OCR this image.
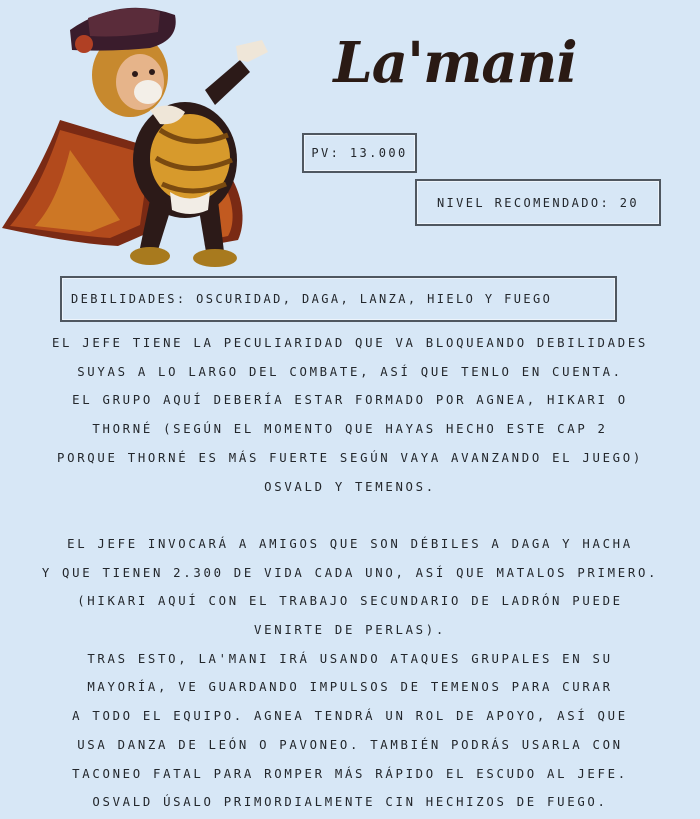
La'mani
PV: 13.000
NIVEL RECOMENDADO: 20
DEBILIDADES: OSCURIDAD, DAGA, LANZA, HIELO Y FUEGO
EL JEFE TIENE LA PECULIARIDAD QUE VA BLOQUEANDO DEBILIDADES
SUYAS A LO LARGO DEL COMBATE, ASÍ QUE TENLO EN CUENTA.
EL GRUPO AQUÍ DEBERÍA ESTAR FORMADO POR AGNEA, HIKARI O
THORNÉ (SEGÚN EL MOMENTO QUE HAYAS HECHO ESTE CAP 2
PORQUE THORNÉ ES MÁS FUERTE SEGÚN VAYA AVANZANDO EL JUEGO)
OSVALD Y TEMENOS.
EL JEFE INVOCARÁ A AMIGOS QUE SON DÉBILES A DAGA Y HACHA
Y QUE TIENEN 2.300 DE VIDA CADA UNO, ASÍ QUE MATALOS PRIMERO.
(HIKARI AQUÍ CON EL TRABAJO SECUNDARIO DE LADRÓN PUEDE
VENIRTE DE PERLAS).
TRAS ESTO, LA'MANI IRÁ USANDO ATAQUES GRUPALES EN SU
MAYORÍA, VE GUARDANDO IMPULSOS DE TEMENOS PARA CURAR
A TODO EL EQUIPO. AGNEA TENDRÁ UN ROL DE APOYO, ASÍ QUE
USA DANZA DE LEÓN O PAVONEO. TAMBIÉN PODRÁS USARLA CON
TACONEO FATAL PARA ROMPER MÁS RÁPIDO EL ESCUDO AL JEFE.
OSVALD ÚSALO PRIMORDIALMENTE CIN HECHIZOS DE FUEGO.
